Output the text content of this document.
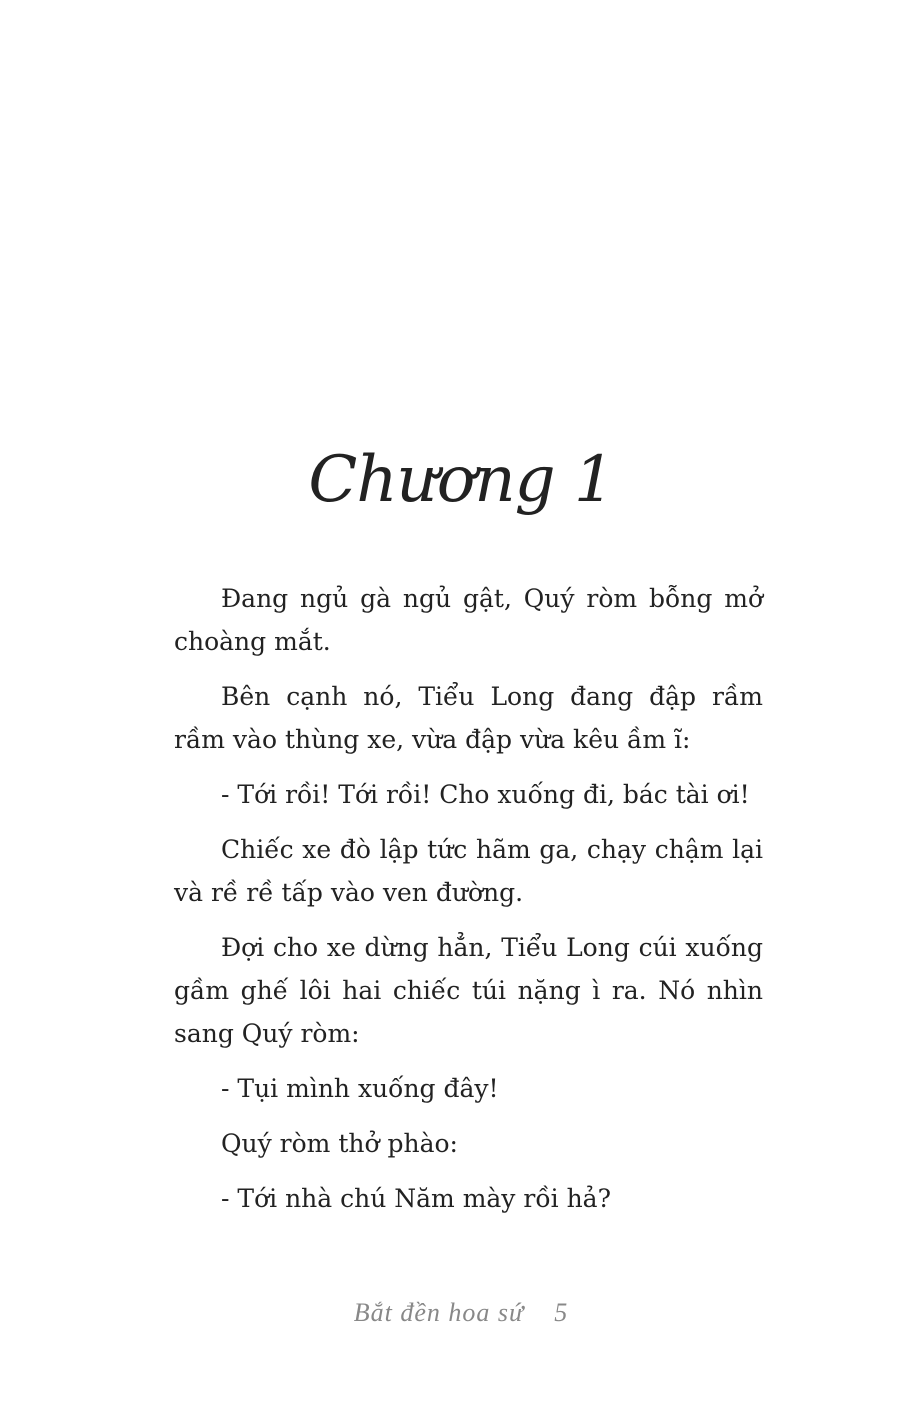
Chương 1

Đang ngủ gà ngủ gật, Quý ròm bỗng mở choàng mắt.

Bên cạnh nó, Tiểu Long đang đập rầm rầm vào thùng xe, vừa đập vừa kêu ầm ĩ:

- Tới rồi! Tới rồi! Cho xuống đi, bác tài ơi!

Chiếc xe đò lập tức hãm ga, chạy chậm lại và rề rề tấp vào ven đường.

Đợi cho xe dừng hẳn, Tiểu Long cúi xuống gầm ghế lôi hai chiếc túi nặng ì ra. Nó nhìn sang Quý ròm:

- Tụi mình xuống đây!

Quý ròm thở phào:

- Tới nhà chú Năm mày rồi hả?

Bắt đền hoa sứ 5
